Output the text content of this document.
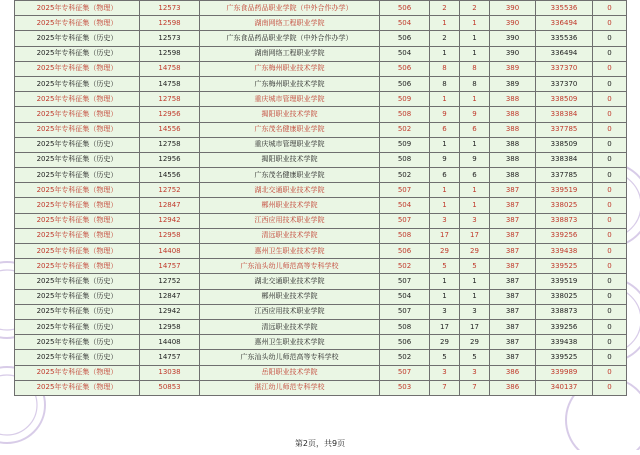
2025年专科征集（物理）	12573	广东食品药品职业学院（中外合作办学）	506	2	2	390	335536	0
2025年专科征集（物理）	12598	湖南网络工程职业学院	504	1	1	390	336494	0
2025年专科征集（历史）	12573	广东食品药品职业学院（中外合作办学）	506	2	1	390	335536	0
2025年专科征集（历史）	12598	湖南网络工程职业学院	504	1	1	390	336494	0
2025年专科征集（物理）	14758	广东梅州职业技术学院	506	8	8	389	337370	0
2025年专科征集（历史）	14758	广东梅州职业技术学院	506	8	8	389	337370	0
2025年专科征集（物理）	12758	重庆城市管理职业学院	509	1	1	388	338509	0
2025年专科征集（物理）	12956	揭阳职业技术学院	508	9	9	388	338384	0
2025年专科征集（物理）	14556	广东茂名健康职业学院	502	6	6	388	337785	0
2025年专科征集（历史）	12758	重庆城市管理职业学院	509	1	1	388	338509	0
2025年专科征集（历史）	12956	揭阳职业技术学院	508	9	9	388	338384	0
2025年专科征集（历史）	14556	广东茂名健康职业学院	502	6	6	388	337785	0
2025年专科征集（物理）	12752	湖北交通职业技术学院	507	1	1	387	339519	0
2025年专科征集（物理）	12847	郴州职业技术学院	504	1	1	387	338025	0
2025年专科征集（物理）	12942	江西应用技术职业学院	507	3	3	387	338873	0
2025年专科征集（物理）	12958	清远职业技术学院	508	17	17	387	339256	0
2025年专科征集（物理）	14408	惠州卫生职业技术学院	506	29	29	387	339438	0
2025年专科征集（物理）	14757	广东汕头幼儿师范高等专科学校	502	5	5	387	339525	0
2025年专科征集（历史）	12752	湖北交通职业技术学院	507	1	1	387	339519	0
2025年专科征集（历史）	12847	郴州职业技术学院	504	1	1	387	338025	0
2025年专科征集（历史）	12942	江西应用技术职业学院	507	3	3	387	338873	0
2025年专科征集（历史）	12958	清远职业技术学院	508	17	17	387	339256	0
2025年专科征集（历史）	14408	惠州卫生职业技术学院	506	29	29	387	339438	0
2025年专科征集（历史）	14757	广东汕头幼儿师范高等专科学校	502	5	5	387	339525	0
2025年专科征集（物理）	13038	岳阳职业技术学院	507	3	3	386	339989	0
2025年专科征集（物理）	50853	湛江幼儿师范专科学校	503	7	7	386	340137	0
第2页，共9页
